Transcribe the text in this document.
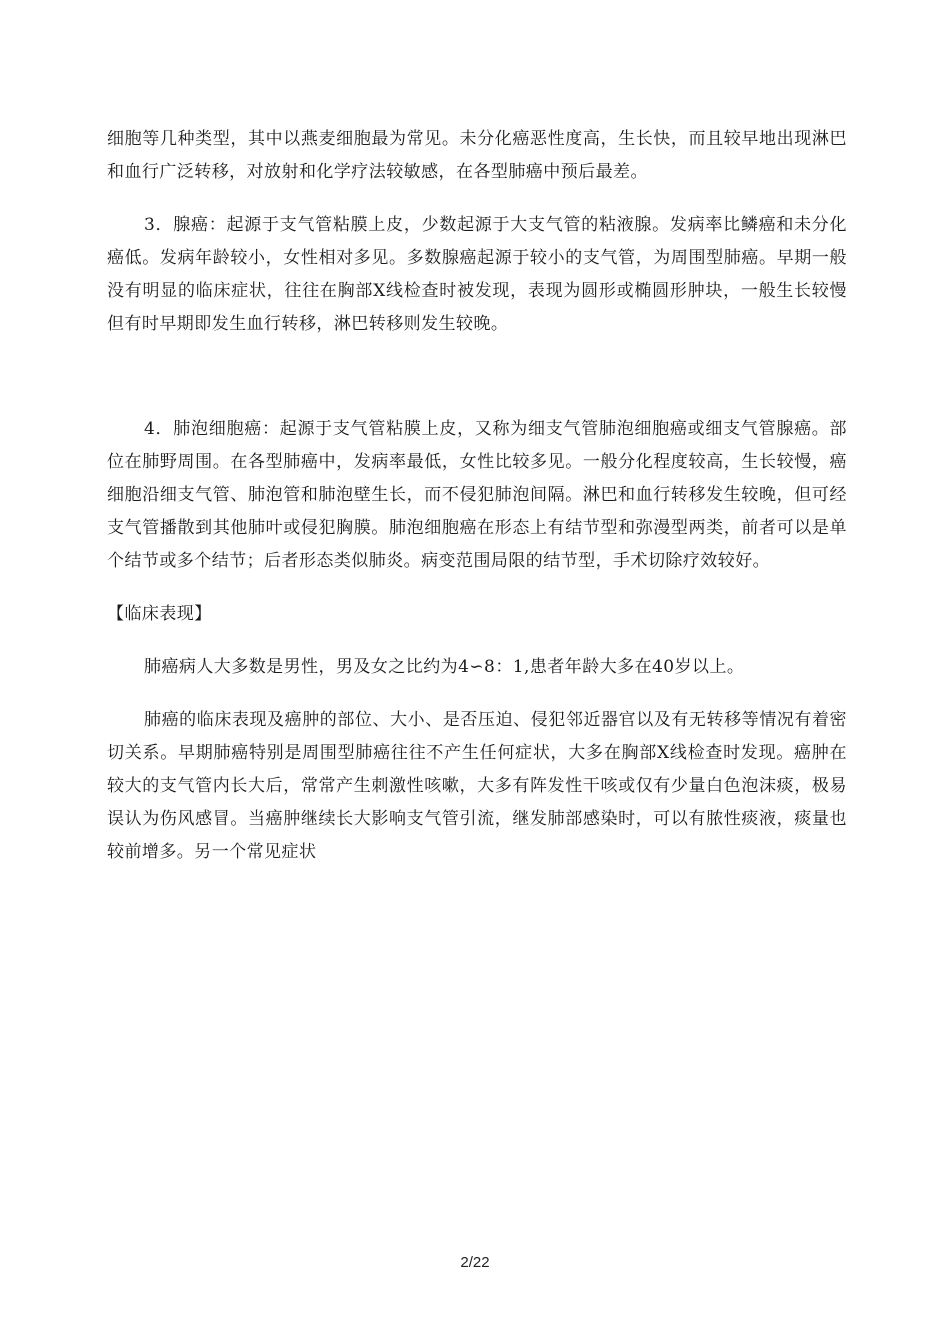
细胞等几种类型，其中以燕麦细胞最为常见。未分化癌恶性度高，生长快，而且较早地出现淋巴和血行广泛转移，对放射和化学疗法较敏感，在各型肺癌中预后最差。

3．腺癌：起源于支气管粘膜上皮，少数起源于大支气管的粘液腺。发病率比鳞癌和未分化癌低。发病年龄较小，女性相对多见。多数腺癌起源于较小的支气管，为周围型肺癌。早期一般没有明显的临床症状，往往在胸部X线检查时被发现，表现为圆形或椭圆形肿块，一般生长较慢但有时早期即发生血行转移，淋巴转移则发生较晚。

4．肺泡细胞癌：起源于支气管粘膜上皮，又称为细支气管肺泡细胞癌或细支气管腺癌。部位在肺野周围。在各型肺癌中，发病率最低，女性比较多见。一般分化程度较高，生长较慢，癌细胞沿细支气管、肺泡管和肺泡壁生长，而不侵犯肺泡间隔。淋巴和血行转移发生较晚，但可经支气管播散到其他肺叶或侵犯胸膜。肺泡细胞癌在形态上有结节型和弥漫型两类，前者可以是单个结节或多个结节；后者形态类似肺炎。病变范围局限的结节型，手术切除疗效较好。

【临床表现】

肺癌病人大多数是男性，男及女之比约为4∽8：1,患者年龄大多在40岁以上。

肺癌的临床表现及癌肿的部位、大小、是否压迫、侵犯邻近器官以及有无转移等情况有着密切关系。早期肺癌特别是周围型肺癌往往不产生任何症状，大多在胸部X线检查时发现。癌肿在较大的支气管内长大后，常常产生刺激性咳嗽，大多有阵发性干咳或仅有少量白色泡沫痰，极易误认为伤风感冒。当癌肿继续长大影响支气管引流，继发肺部感染时，可以有脓性痰液，痰量也较前增多。另一个常见症状

2/22
